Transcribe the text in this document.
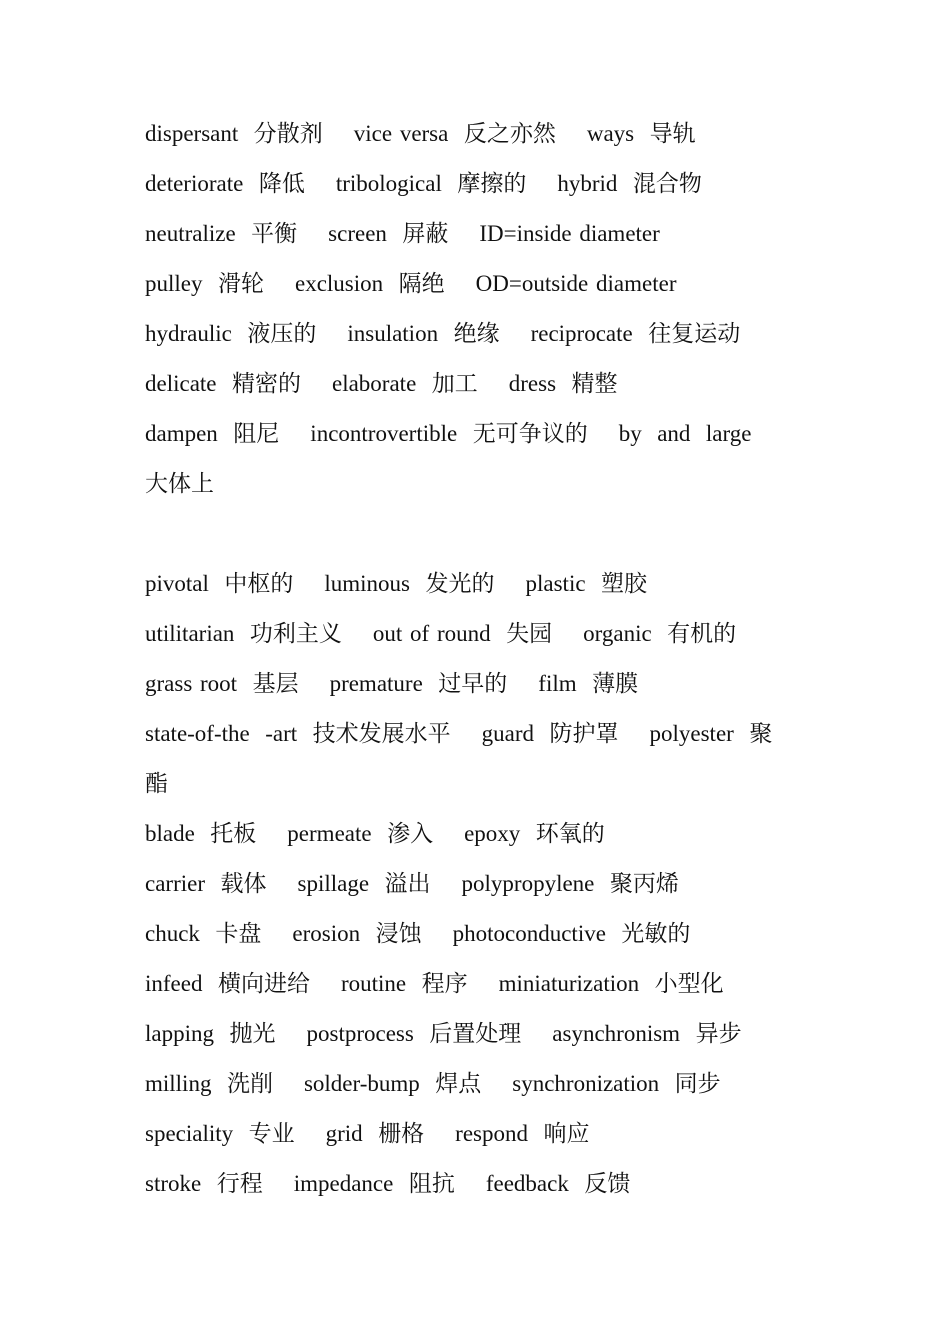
dispersant  分散剂    vice versa  反之亦然    ways  导轨
deteriorate  降低    tribological  摩擦的    hybrid  混合物
neutralize  平衡    screen  屏蔽    ID=inside diameter
pulley  滑轮    exclusion  隔绝    OD=outside diameter
hydraulic  液压的    insulation  绝缘    reciprocate  往复运动
delicate  精密的    elaborate  加工    dress  精整
dampen  阻尼    incontrovertible  无可争议的    by  and  large
大体上
pivotal  中枢的    luminous  发光的    plastic  塑胶
utilitarian  功利主义    out of round  失园    organic  有机的
grass root  基层    premature  过早的    film  薄膜
state-of-the  -art  技术发展水平    guard  防护罩    polyester  聚
酯
blade  托板    permeate  渗入    epoxy  环氧的
carrier  载体    spillage  溢出    polypropylene  聚丙烯
chuck  卡盘    erosion  浸蚀    photoconductive  光敏的
infeed  横向进给    routine  程序    miniaturization  小型化
lapping  抛光    postprocess  后置处理    asynchronism  异步
milling  洗削    solder-bump  焊点    synchronization  同步
speciality  专业    grid  栅格    respond  响应
stroke  行程    impedance  阻抗    feedback  反馈
